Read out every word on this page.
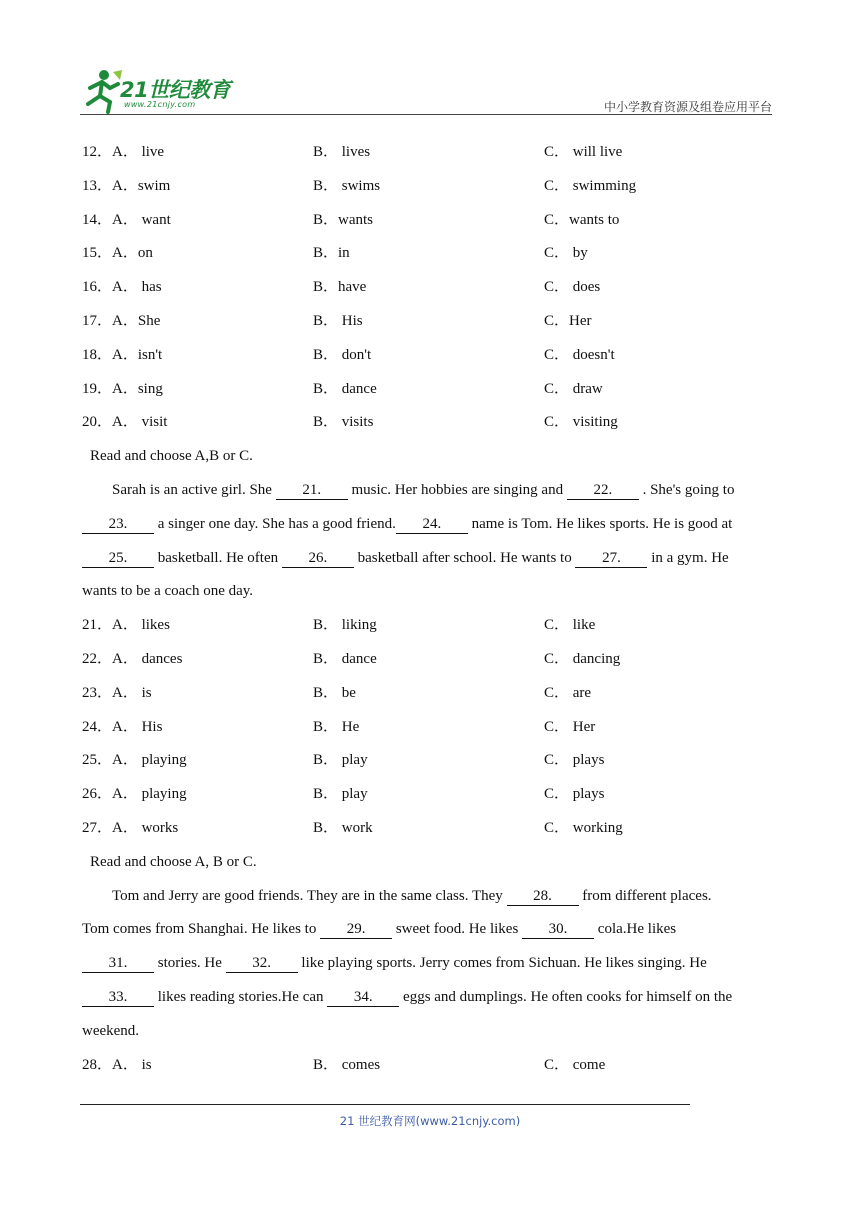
21世纪教育
www.21cnjy.com	中小学教育资源及组卷应用平台
12．A． live	B． lives	C． will live
13．A．swim	B． swims	C． swimming
14．A． want	B．wants	C．wants to
15．A．on	B．in	C． by
16．A． has	B．have	C． does
17．A．She	B． His	C．Her
18．A．isn't	B． don't	C． doesn't
19．A．sing	B． dance	C． draw
20．A． visit	B． visits	C． visiting
Read and choose A,B or C.
Sarah is an active girl. She 21. music. Her hobbies are singing and 22. . She's going to
23. a singer one day. She has a good friend. 24. name is Tom. He likes sports. He is good at
25. basketball. He often 26. basketball after school. He wants to 27. in a gym. He
wants to be a coach one day.
21．A． likes	B． liking	C． like
22．A． dances	B． dance	C． dancing
23．A． is	B． be	C． are
24．A． His	B． He	C． Her
25．A． playing	B． play	C． plays
26．A． playing	B． play	C． plays
27．A． works	B． work	C． working
Read and choose A, B or C.
Tom and Jerry are good friends. They are in the same class. They 28. from different places.
Tom comes from Shanghai. He likes to 29. sweet food. He likes 30. cola.He likes
31. stories. He 32. like playing sports. Jerry comes from Sichuan. He likes singing. He
33. likes reading stories.He can 34. eggs and dumplings. He often cooks for himself on the
weekend.
28．A． is	B． comes	C． come
21 世纪教育网(www.21cnjy.com)
